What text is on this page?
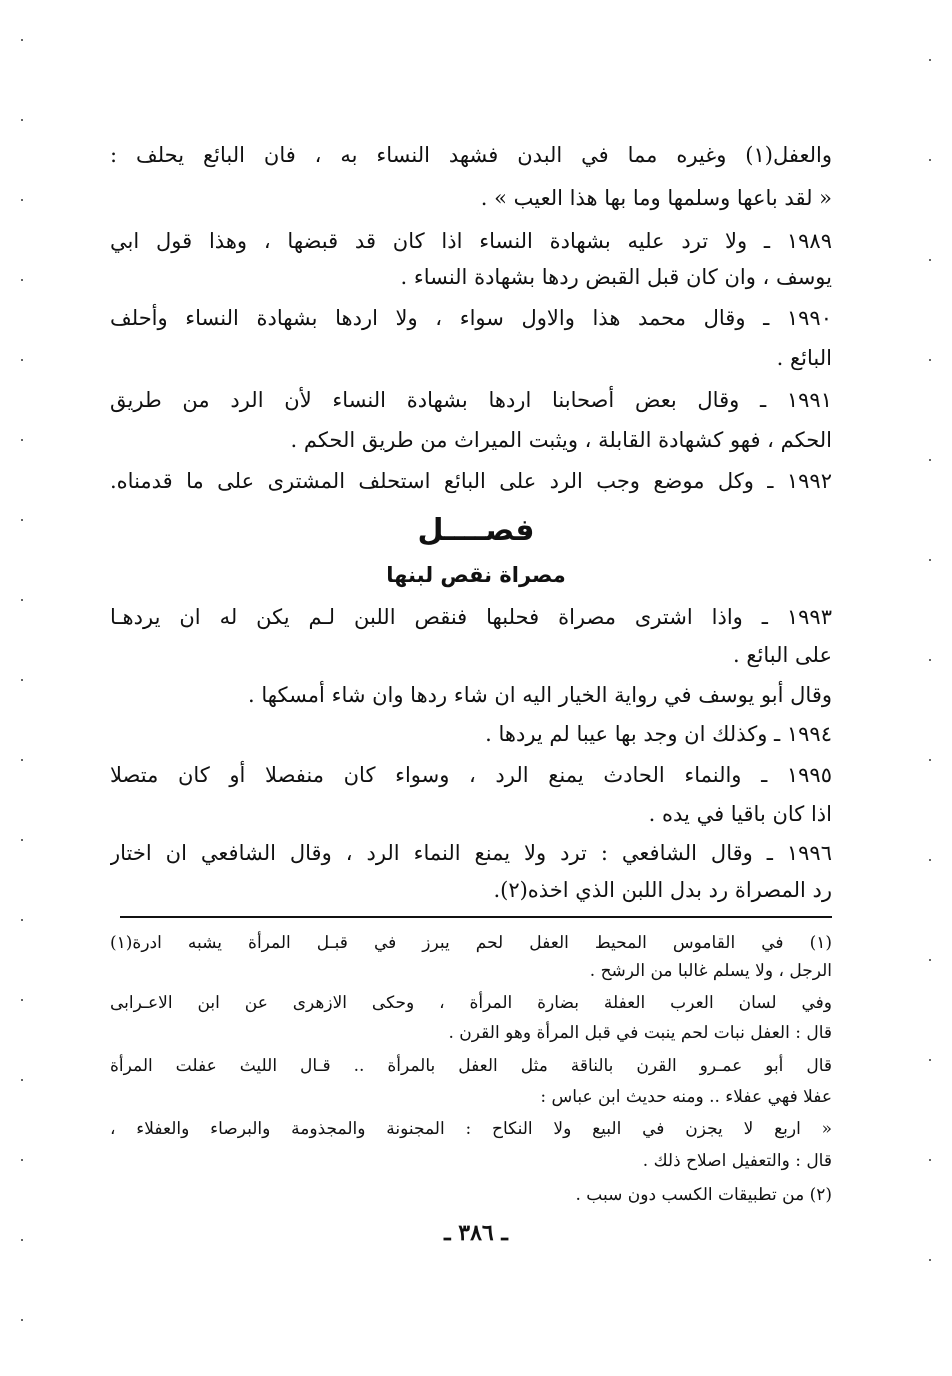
والعفل(١) وغيره مما في البدن فشهد النساء به ، فان البائع يحلف :
« لقد باعها وسلمها وما بها هذا العيب » .
١٩٨٩ ـ ولا ترد عليه بشهادة النساء اذا كان قد قبضها ، وهذا قول ابي
يوسف ، وان كان قبل القبض ردها بشهادة النساء .
١٩٩٠ ـ وقال محمد هذا والاول سواء ، ولا اردها بشهادة النساء وأحلف
البائع .
١٩٩١ ـ وقال بعض أصحابنا اردها بشهادة النساء لأن الرد من طريق
الحكم ، فهو كشهادة القابلة ، ويثبت الميراث من طريق الحكم .
١٩٩٢ ـ وكل موضع وجب الرد على البائع استحلف المشترى على ما قدمناه.
فصــــل
مصراة نقص لبنها
١٩٩٣ ـ واذا اشترى مصراة فحلبها فنقص اللبن لـم يكن له ان يردهـا
على البائع .
وقال أبو يوسف في رواية الخيار اليه ان شاء ردها وان شاء أمسكها .
١٩٩٤ ـ وكذلك ان وجد بها عيبا لم يردها .
١٩٩٥ ـ والنماء الحادث يمنع الرد ، وسواء كان منفصلا أو كان متصلا
اذا كان باقيا في يده .
١٩٩٦ ـ وقال الشافعي : ترد ولا يمنع النماء الرد ، وقال الشافعي ان اختار
رد المصراة رد بدل اللبن الذي اخذه(٢).
(١) في القاموس المحيط العفل لحم يبرز في قبـل المرأة يشبه ادرة(١)
الرجل ، ولا يسلم غالبا من الرشح .
وفي لسان العرب العفلة بضارة المرأة ، وحكى الازهرى عن ابن الاعـرابى
قال : العفل نبات لحم ينبت في قبل المرأة وهو القرن .
قال أبو عمـرو القرن بالناقة مثل العفل بالمرأة .. قـال الليث عفلت المرأة
عفلا فهي عفلاء .. ومنه حديث ابن عباس :
« اربع لا يجزن في البيع ولا النكاح : المجنونة والمجذومة والبرصاء والعفلاء ،
قال : والتعفيل اصلاح ذلك .
(٢) من تطبيقات الكسب دون سبب .
ـ ٣٨٦ ـ
